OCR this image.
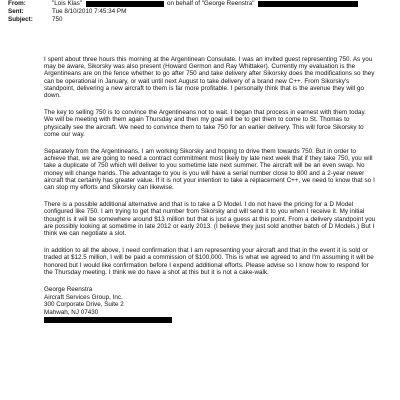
From:	"Lois Klas"	on behalf of "George Reenstra"
Sent:	Tue 8/10/2010 7:45:34 PM
Subject:	750

I spent about three hours this morning at the Argentinean Consulate. I was an invited guest representing 750. As you may be aware, Sikorsky was also present (Howard Germon and Ray Whittaker). Currently my evaluation is the Argentineans are on the fence whether to go after 750 and take delivery after Sikorsky does the modifications so they can be operational in January, or wait until next August to take delivery of a brand new C++. From Sikorsky's standpoint, delivering a new aircraft to them is far more profitable. I personally think that is the avenue they will go down.

The key to selling 750 is to convince the Argentineans not to wait. I began that process in earnest with them today. We will be meeting with them again Thursday and then my goal will be to get them to come to St. Thomas to physically see the aircraft. We need to convince them to take 750 for an earlier delivery. This will force Sikorsky to come our way.

Separately from the Argentineans, I am working Sikorsky and hoping to drive them towards 750. But in order to achieve that, we are going to need a contract commitment most likely by late next week that if they take 750, you will take a duplicate of 750 which will deliver to you sometime late next summer. The aircraft will be an even swap. No money will change hands. The advantage to you is you will have a serial number close to 800 and a 2-year newer aircraft that certainly has greater value. If it is not your intention to take a replacement C++, we need to know that so I can stop my efforts and Sikorsky can likewise.

There is a possible additional alternative and that is to take a D Model. I do not have the pricing for a D Model configured like 750. I am trying to get that number from Sikorsky and will send it to you when I receive it. My initial thought is it will be somewhere around $13 million but that is just a guess at this point. From a delivery standpoint you are possibly looking at sometime in late 2012 or early 2013. (I believe they just sold another batch of D Models.) But I think we can negotiate a slot.

In addition to all the above, I need confirmation that I am representing your aircraft and that in the event it is sold or traded at $12.5 million, I will be paid a commission of $100,000. This is what we agreed to and I'm assuming it will be honored but I would like confirmation before I expend additional efforts. Please advise so I know how to respond for the Thursday meeting. I think we do have a shot at this but it is not a cake-walk.

George Reenstra
Aircraft Services Group, Inc.
300 Corporate Drive, Suite 2
Mahwah, NJ 07430
